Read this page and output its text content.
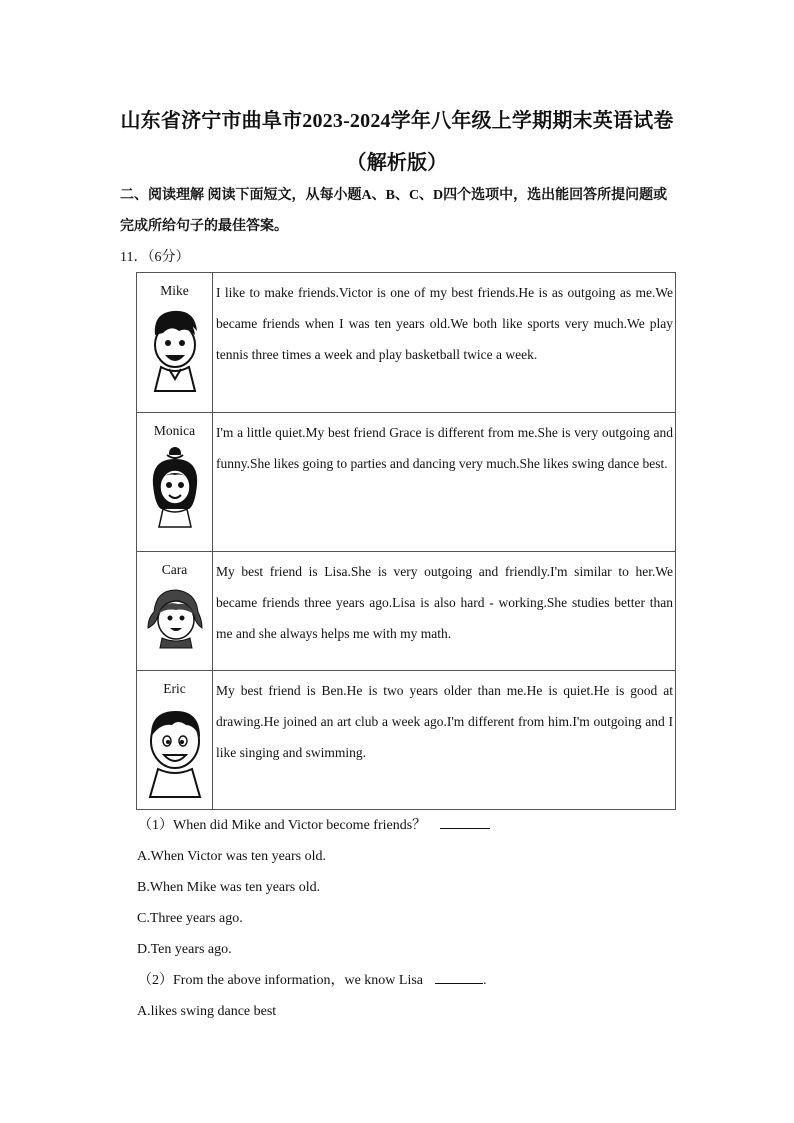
山东省济宁市曲阜市2023-2024学年八年级上学期期末英语试卷
（解析版）
二、阅读理解 阅读下面短文，从每小题A、B、C、D四个选项中，选出能回答所提问题或
完成所给句子的最佳答案。
11．（6分）
Mike	I like to make friends.Victor is one of my best friends.He is as outgoing as me.We became friends when I was ten years old.We both like sports very much.We play tennis three times a week and play basketball twice a week.

Monica	I'm a little quiet.My best friend Grace is different from me.She is very outgoing and funny.She likes going to parties and dancing very much.She likes swing dance best.

Cara	My best friend is Lisa.She is very outgoing and friendly.I'm similar to her.We became friends three years ago.Lisa is also hard - working.She studies better than me and she always helps me with my math.

Eric	My best friend is Ben.He is two years older than me.He is quiet.He is good at drawing.He joined an art club a week ago.I'm different from him.I'm outgoing and I like singing and swimming.
（1）When did Mike and Victor become friends？
A.When Victor was ten years old.
B.When Mike was ten years old.
C.Three years ago.
D.Ten years ago.
（2）From the above information，we know Lisa	.
A.likes swing dance best
